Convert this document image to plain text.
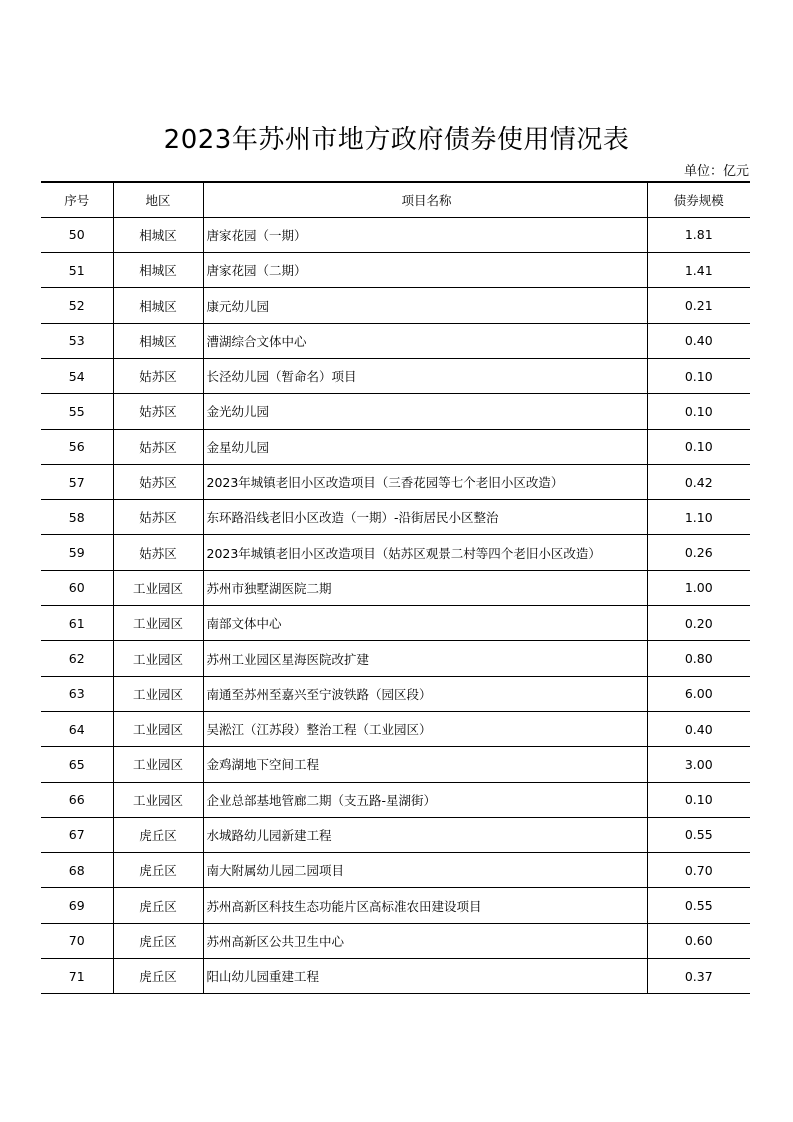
2023年苏州市地方政府债券使用情况表
单位：亿元
序号	地区	项目名称	债券规模
50	相城区	唐家花园（一期）	1.81
51	相城区	唐家花园（二期）	1.41
52	相城区	康元幼儿园	0.21
53	相城区	漕湖综合文体中心	0.40
54	姑苏区	长泾幼儿园（暂命名）项目	0.10
55	姑苏区	金光幼儿园	0.10
56	姑苏区	金星幼儿园	0.10
57	姑苏区	2023年城镇老旧小区改造项目（三香花园等七个老旧小区改造）	0.42
58	姑苏区	东环路沿线老旧小区改造（一期）-沿街居民小区整治	1.10
59	姑苏区	2023年城镇老旧小区改造项目（姑苏区观景二村等四个老旧小区改造）	0.26
60	工业园区	苏州市独墅湖医院二期	1.00
61	工业园区	南部文体中心	0.20
62	工业园区	苏州工业园区星海医院改扩建	0.80
63	工业园区	南通至苏州至嘉兴至宁波铁路（园区段）	6.00
64	工业园区	吴淞江（江苏段）整治工程（工业园区）	0.40
65	工业园区	金鸡湖地下空间工程	3.00
66	工业园区	企业总部基地管廊二期（支五路-星湖街）	0.10
67	虎丘区	水城路幼儿园新建工程	0.55
68	虎丘区	南大附属幼儿园二园项目	0.70
69	虎丘区	苏州高新区科技生态功能片区高标准农田建设项目	0.55
70	虎丘区	苏州高新区公共卫生中心	0.60
71	虎丘区	阳山幼儿园重建工程	0.37
